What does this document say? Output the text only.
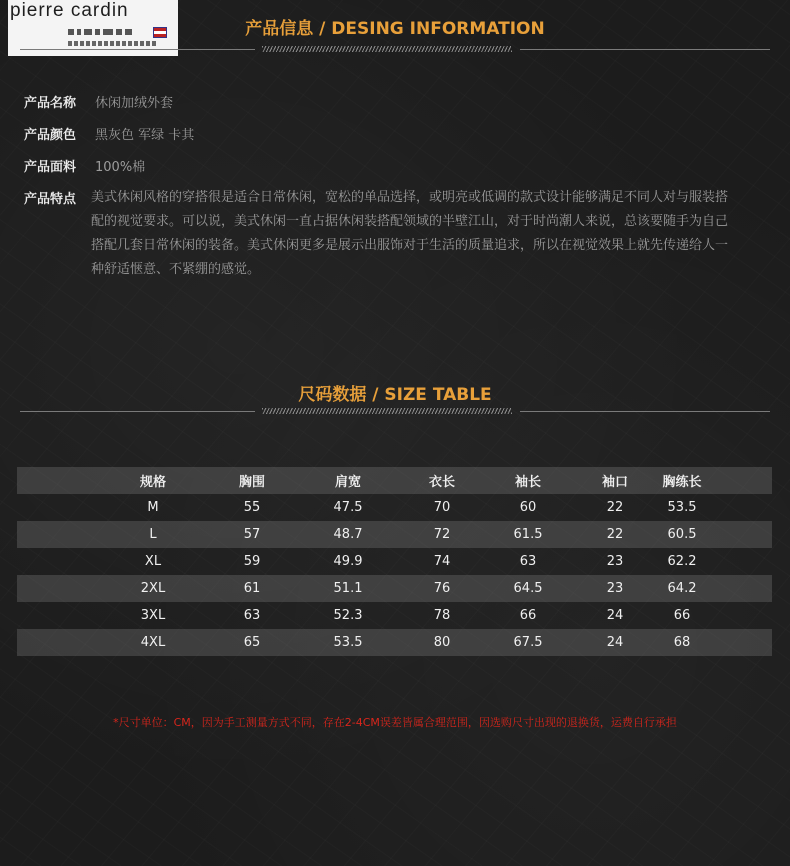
pierre cardin
产品信息 / DESING INFORMATION
产品名称 休闲加绒外套
产品颜色 黑灰色 军绿 卡其
产品面料 100%棉
产品特点 美式休闲风格的穿搭很是适合日常休闲，宽松的单品选择，或明亮或低调的款式设计能够满足不同人对与服装搭配的视觉要求。可以说，美式休闲一直占据休闲装搭配领域的半壁江山，对于时尚潮人来说，总该要随手为自己搭配几套日常休闲的装备。美式休闲更多是展示出服饰对于生活的质量追求，所以在视觉效果上就先传递给人一种舒适惬意、不紧绷的感觉。
尺码数据 / SIZE TABLE
规格	胸围	肩宽	衣长	袖长	袖口	胸练长
M	55	47.5	70	60	22	53.5
L	57	48.7	72	61.5	22	60.5
XL	59	49.9	74	63	23	62.2
2XL	61	51.1	76	64.5	23	64.2
3XL	63	52.3	78	66	24	66
4XL	65	53.5	80	67.5	24	68
*尺寸单位：CM，因为手工测量方式不同，存在2-4CM误差皆属合理范围，因选购尺寸出现的退换货，运费自行承担
